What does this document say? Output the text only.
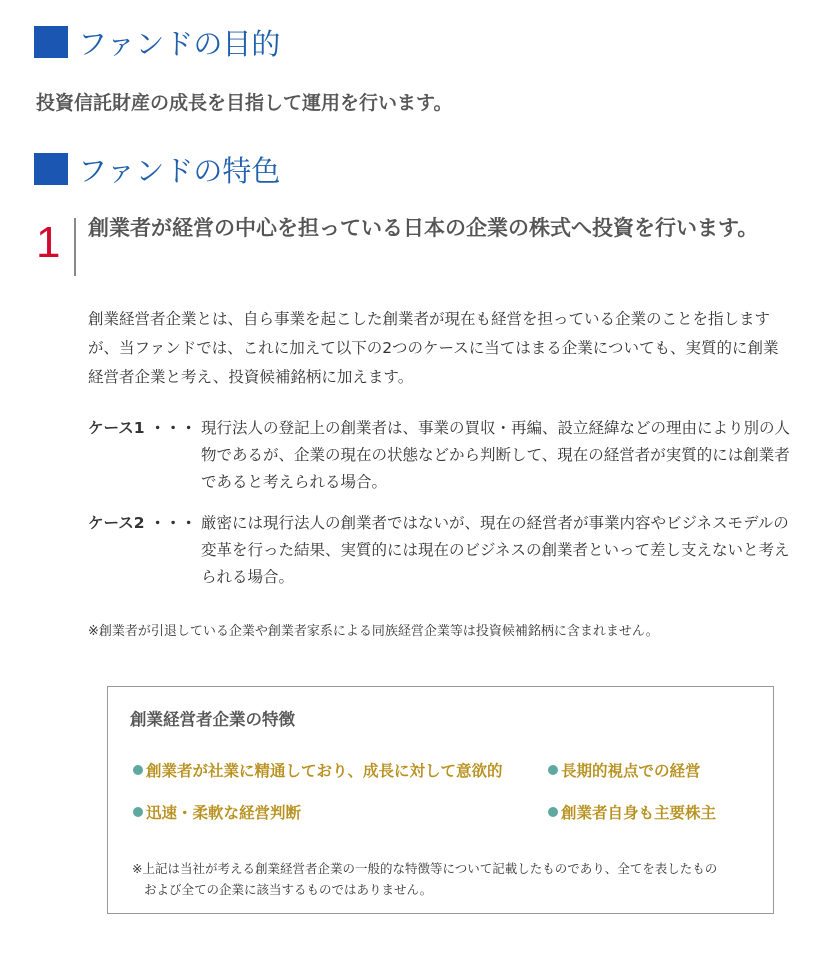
ファンドの目的
投資信託財産の成長を目指して運用を行います。
ファンドの特色
1 創業者が経営の中心を担っている日本の企業の株式へ投資を行います。
創業経営者企業とは、自ら事業を起こした創業者が現在も経営を担っている企業のことを指しますが、当ファンドでは、これに加えて以下の2つのケースに当てはまる企業についても、実質的に創業経営者企業と考え、投資候補銘柄に加えます。
ケース1 ・・・ 現行法人の登記上の創業者は、事業の買収・再編、設立経緯などの理由により別の人物であるが、企業の現在の状態などから判断して、現在の経営者が実質的には創業者であると考えられる場合。
ケース2 ・・・ 厳密には現行法人の創業者ではないが、現在の経営者が事業内容やビジネスモデルの変革を行った結果、実質的には現在のビジネスの創業者といって差し支えないと考えられる場合。
※創業者が引退している企業や創業者家系による同族経営企業等は投資候補銘柄に含まれません。
創業経営者企業の特徴
創業者が社業に精通しており、成長に対して意欲的	長期的視点での経営
迅速・柔軟な経営判断	創業者自身も主要株主
※上記は当社が考える創業経営者企業の一般的な特徴等について記載したものであり、全てを表したもの
および全ての企業に該当するものではありません。
